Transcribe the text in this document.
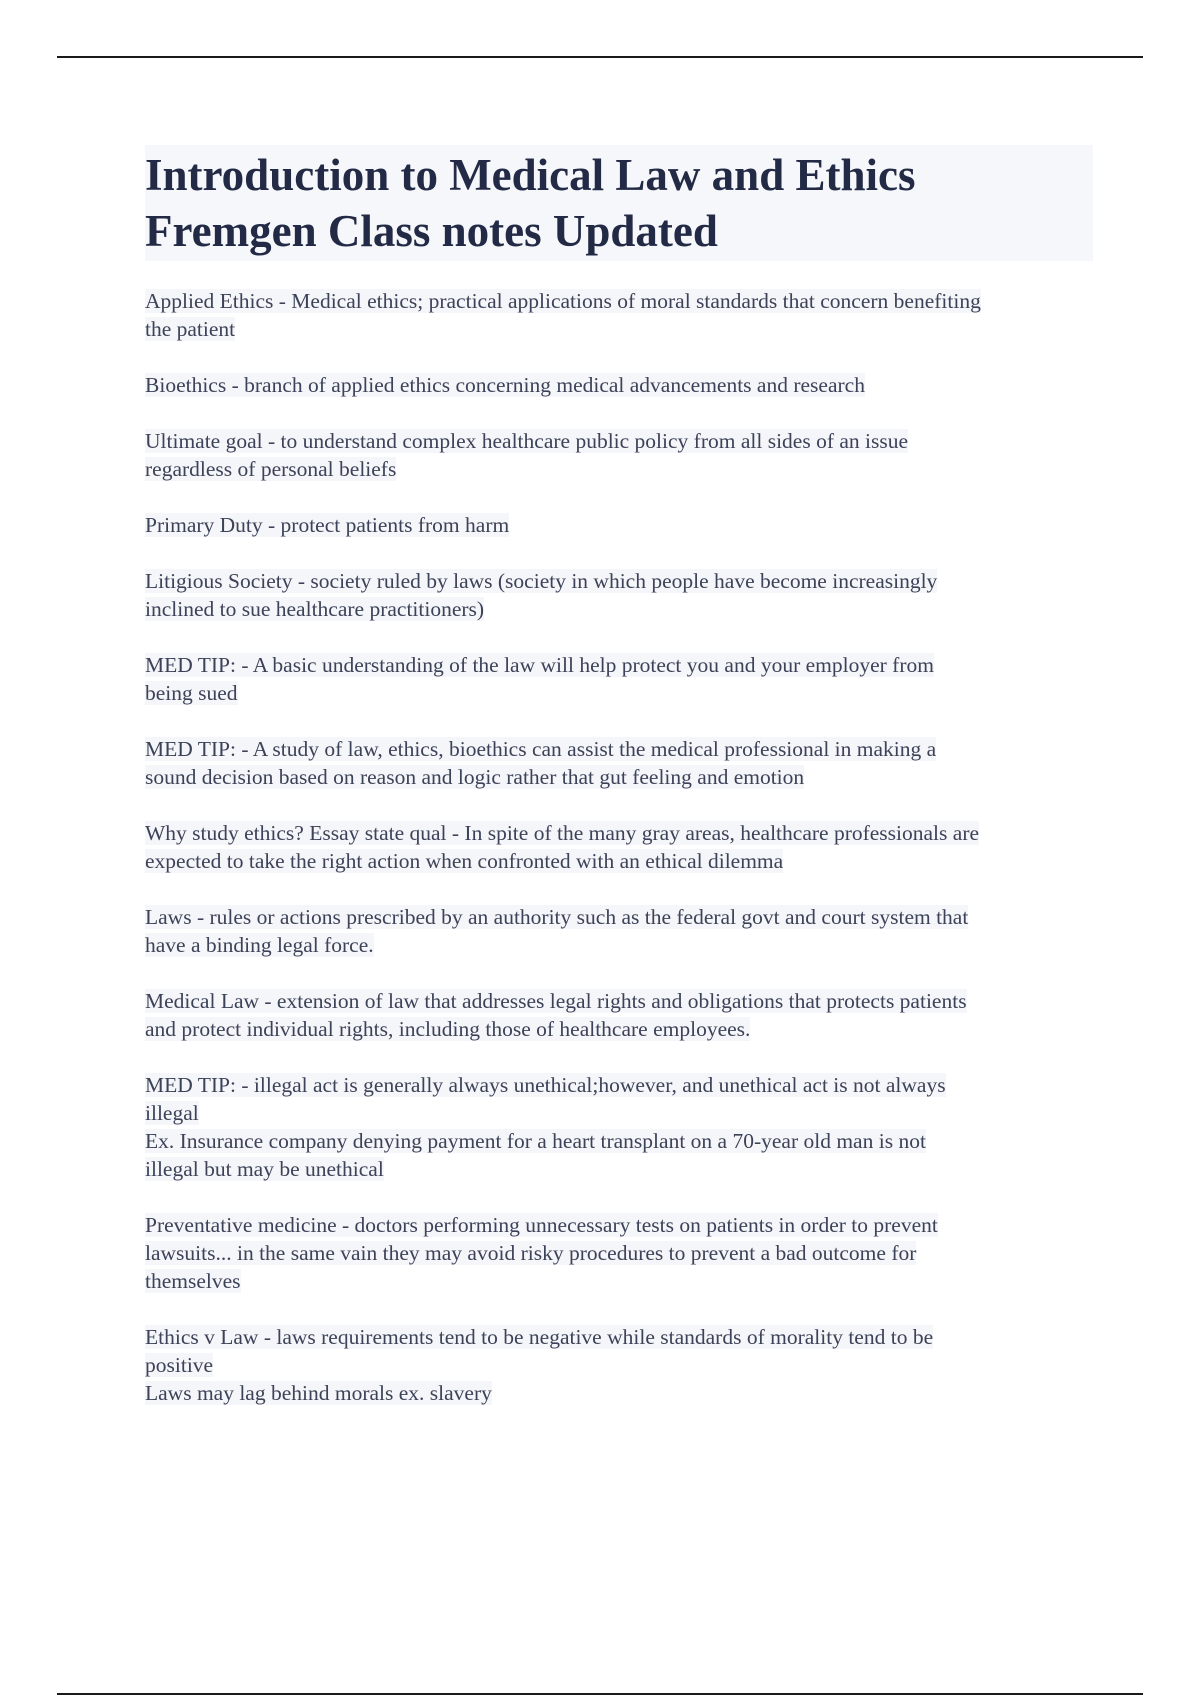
Introduction to Medical Law and Ethics
Fremgen Class notes Updated

Applied Ethics - Medical ethics; practical applications of moral standards that concern benefiting
the patient

Bioethics - branch of applied ethics concerning medical advancements and research

Ultimate goal - to understand complex healthcare public policy from all sides of an issue
regardless of personal beliefs

Primary Duty - protect patients from harm

Litigious Society - society ruled by laws (society in which people have become increasingly
inclined to sue healthcare practitioners)

MED TIP: - A basic understanding of the law will help protect you and your employer from
being sued

MED TIP: - A study of law, ethics, bioethics can assist the medical professional in making a
sound decision based on reason and logic rather that gut feeling and emotion

Why study ethics? Essay state qual - In spite of the many gray areas, healthcare professionals are
expected to take the right action when confronted with an ethical dilemma

Laws - rules or actions prescribed by an authority such as the federal govt and court system that
have a binding legal force.

Medical Law - extension of law that addresses legal rights and obligations that protects patients
and protect individual rights, including those of healthcare employees.

MED TIP: - illegal act is generally always unethical;however, and unethical act is not always
illegal
Ex. Insurance company denying payment for a heart transplant on a 70-year old man is not
illegal but may be unethical

Preventative medicine - doctors performing unnecessary tests on patients in order to prevent
lawsuits... in the same vain they may avoid risky procedures to prevent a bad outcome for
themselves

Ethics v Law - laws requirements tend to be negative while standards of morality tend to be
positive
Laws may lag behind morals ex. slavery
